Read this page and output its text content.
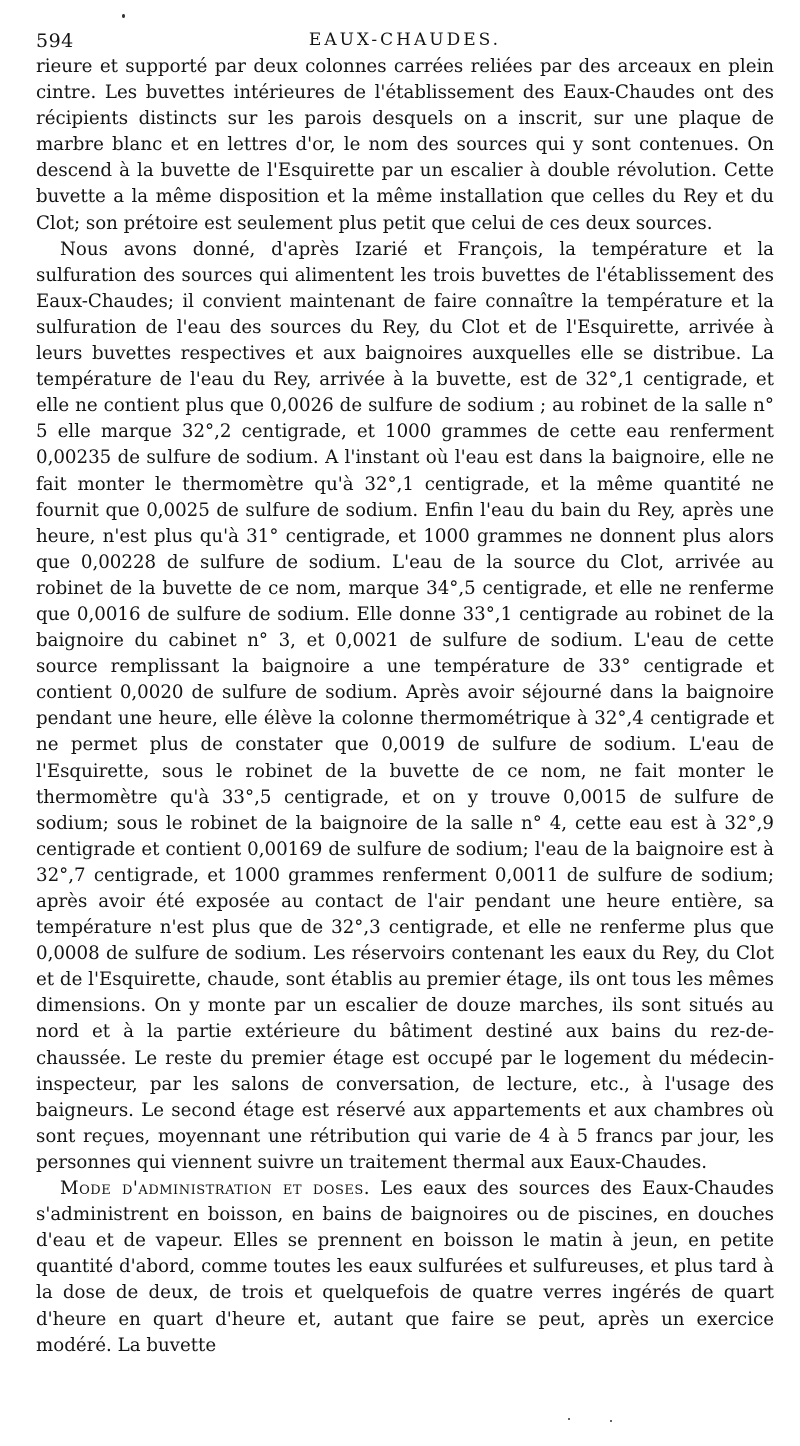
594	EAUX-CHAUDES.

rieure et supporté par deux colonnes carrées reliées par des arceaux en plein cintre. Les buvettes intérieures de l'établissement des Eaux-Chaudes ont des récipients distincts sur les parois desquels on a inscrit, sur une plaque de marbre blanc et en lettres d'or, le nom des sources qui y sont contenues. On descend à la buvette de l'Esquirette par un escalier à double révolution. Cette buvette a la même disposition et la même installation que celles du Rey et du Clot; son prétoire est seulement plus petit que celui de ces deux sources.

Nous avons donné, d'après Izarié et François, la température et la sulfuration des sources qui alimentent les trois buvettes de l'établissement des Eaux-Chaudes; il convient maintenant de faire connaître la température et la sulfuration de l'eau des sources du Rey, du Clot et de l'Esquirette, arrivée à leurs buvettes respectives et aux baignoires auxquelles elle se distribue. La température de l'eau du Rey, arrivée à la buvette, est de 32°,1 centigrade, et elle ne contient plus que 0,0026 de sulfure de sodium ; au robinet de la salle n° 5 elle marque 32°,2 centigrade, et 1000 grammes de cette eau renferment 0,00235 de sulfure de sodium. A l'instant où l'eau est dans la baignoire, elle ne fait monter le thermomètre qu'à 32°,1 centigrade, et la même quantité ne fournit que 0,0025 de sulfure de sodium. Enfin l'eau du bain du Rey, après une heure, n'est plus qu'à 31° centigrade, et 1000 grammes ne donnent plus alors que 0,00228 de sulfure de sodium. L'eau de la source du Clot, arrivée au robinet de la buvette de ce nom, marque 34°,5 centigrade, et elle ne renferme que 0,0016 de sulfure de sodium. Elle donne 33°,1 centigrade au robinet de la baignoire du cabinet n° 3, et 0,0021 de sulfure de sodium. L'eau de cette source remplissant la baignoire a une température de 33° centigrade et contient 0,0020 de sulfure de sodium. Après avoir séjourné dans la baignoire pendant une heure, elle élève la colonne thermométrique à 32°,4 centigrade et ne permet plus de constater que 0,0019 de sulfure de sodium. L'eau de l'Esquirette, sous le robinet de la buvette de ce nom, ne fait monter le thermomètre qu'à 33°,5 centigrade, et on y trouve 0,0015 de sulfure de sodium; sous le robinet de la baignoire de la salle n° 4, cette eau est à 32°,9 centigrade et contient 0,00169 de sulfure de sodium; l'eau de la baignoire est à 32°,7 centigrade, et 1000 grammes renferment 0,0011 de sulfure de sodium; après avoir été exposée au contact de l'air pendant une heure entière, sa température n'est plus que de 32°,3 centigrade, et elle ne renferme plus que 0,0008 de sulfure de sodium. Les réservoirs contenant les eaux du Rey, du Clot et de l'Esquirette, chaude, sont établis au premier étage, ils ont tous les mêmes dimensions. On y monte par un escalier de douze marches, ils sont situés au nord et à la partie extérieure du bâtiment destiné aux bains du rez-de-chaussée. Le reste du premier étage est occupé par le logement du médecin-inspecteur, par les salons de conversation, de lecture, etc., à l'usage des baigneurs. Le second étage est réservé aux appartements et aux chambres où sont reçues, moyennant une rétribution qui varie de 4 à 5 francs par jour, les personnes qui viennent suivre un traitement thermal aux Eaux-Chaudes.

Mode d'administration et doses. Les eaux des sources des Eaux-Chaudes s'administrent en boisson, en bains de baignoires ou de piscines, en douches d'eau et de vapeur. Elles se prennent en boisson le matin à jeun, en petite quantité d'abord, comme toutes les eaux sulfurées et sulfureuses, et plus tard à la dose de deux, de trois et quelquefois de quatre verres ingérés de quart d'heure en quart d'heure et, autant que faire se peut, après un exercice modéré. La buvette
